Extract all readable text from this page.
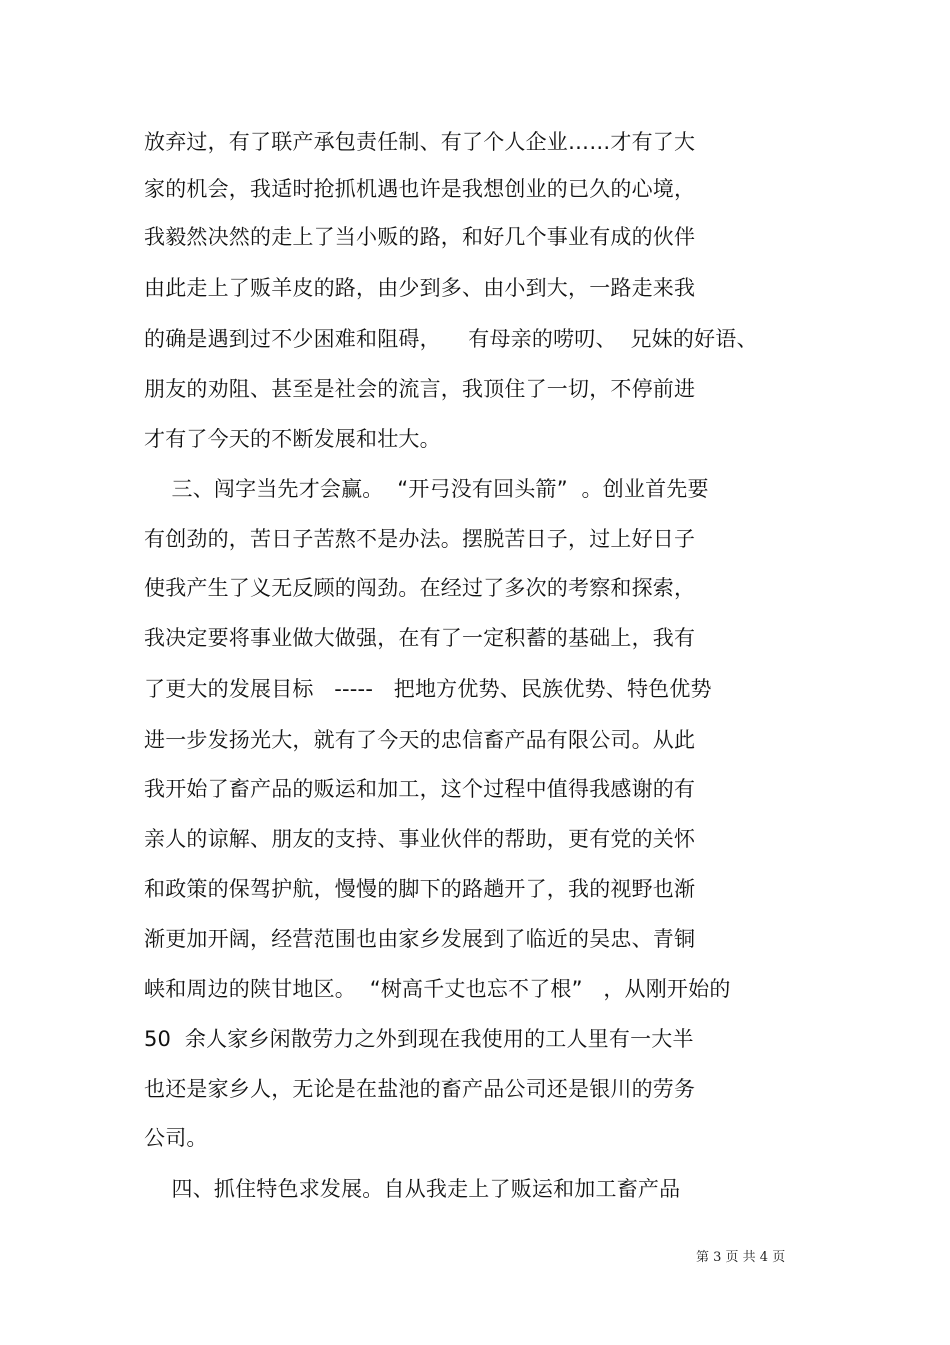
放弃过，有了联产承包责任制、有了个人企业……才有了大
家的机会，我适时抢抓机遇也许是我想创业的已久的心境，
我毅然决然的走上了当小贩的路，和好几个事业有成的伙伴
由此走上了贩羊皮的路，由少到多、由小到大，一路走来我
的确是遇到过不少困难和阻碍，    有母亲的唠叨、  兄妹的好语、
朋友的劝阻、甚至是社会的流言，我顶住了一切，不停前进
才有了今天的不断发展和壮大。
三、闯字当先才会赢。  “开弓没有回头箭”  。创业首先要
有创劲的，苦日子苦熬不是办法。摆脱苦日子，过上好日子
使我产生了义无反顾的闯劲。在经过了多次的考察和探索，
我决定要将事业做大做强，在有了一定积蓄的基础上，我有
了更大的发展目标   -----   把地方优势、民族优势、特色优势
进一步发扬光大，就有了今天的忠信畜产品有限公司。从此
我开始了畜产品的贩运和加工，这个过程中值得我感谢的有
亲人的谅解、朋友的支持、事业伙伴的帮助，更有党的关怀
和政策的保驾护航，慢慢的脚下的路趟开了，我的视野也渐
渐更加开阔，经营范围也由家乡发展到了临近的吴忠、青铜
峡和周边的陕甘地区。  “树高千丈也忘不了根”   ，从刚开始的
50  余人家乡闲散劳力之外到现在我使用的工人里有一大半
也还是家乡人，无论是在盐池的畜产品公司还是银川的劳务
公司。
四、抓住特色求发展。自从我走上了贩运和加工畜产品
第 3 页 共 4 页
